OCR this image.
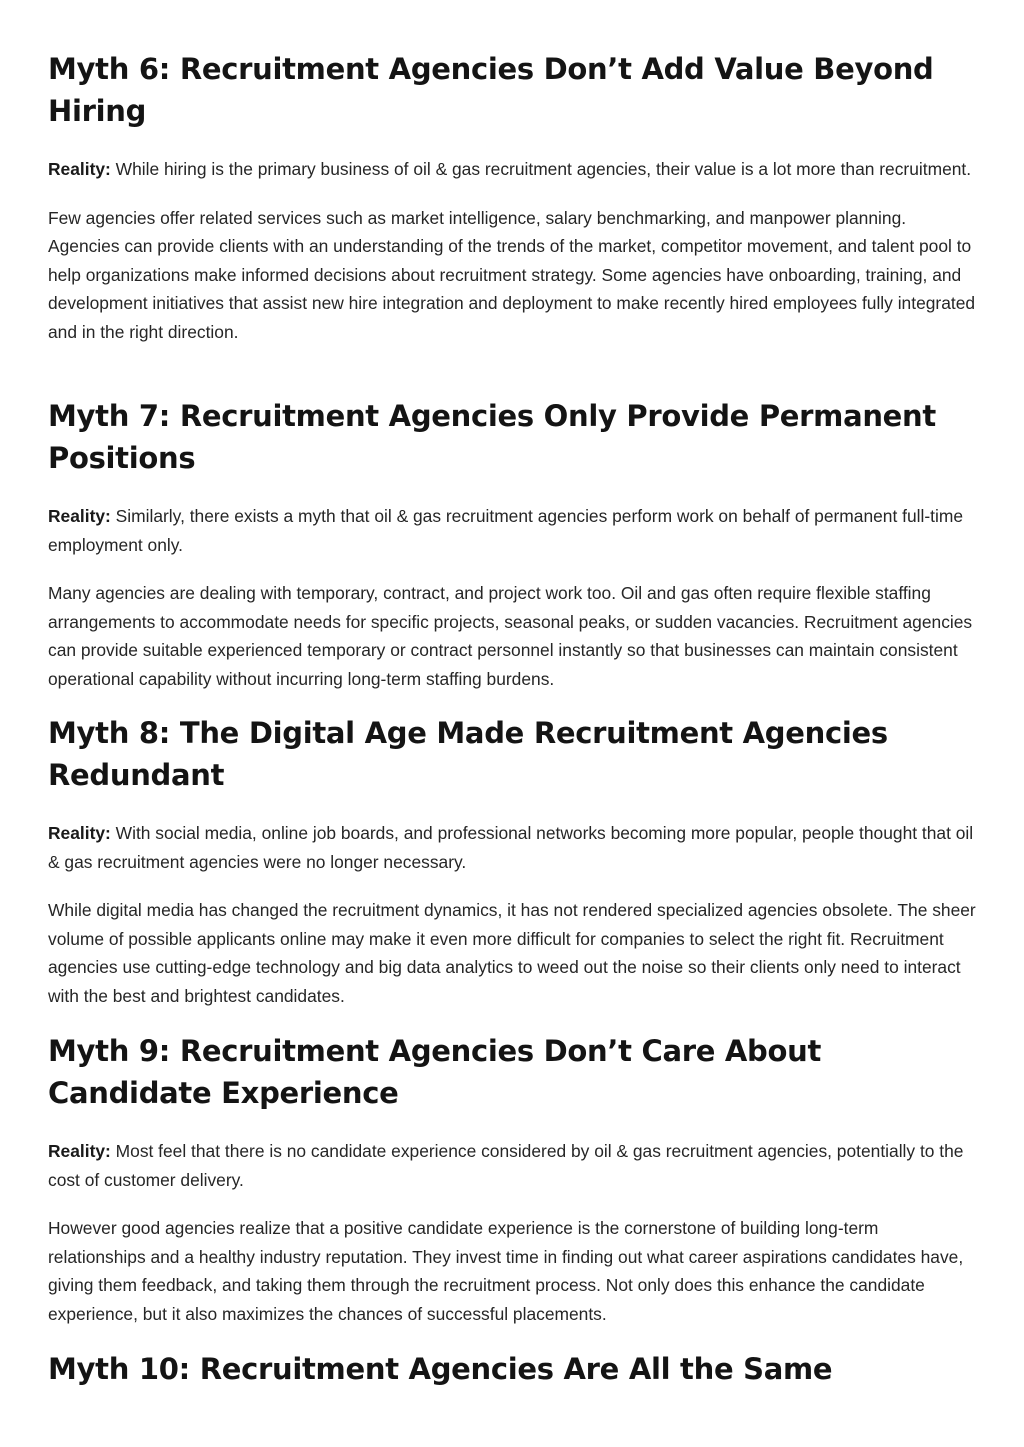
Myth 6: Recruitment Agencies Don’t Add Value Beyond Hiring

Reality: While hiring is the primary business of oil & gas recruitment agencies, their value is a lot more than recruitment.

Few agencies offer related services such as market intelligence, salary benchmarking, and manpower planning. Agencies can provide clients with an understanding of the trends of the market, competitor movement, and talent pool to help organizations make informed decisions about recruitment strategy. Some agencies have onboarding, training, and development initiatives that assist new hire integration and deployment to make recently hired employees fully integrated and in the right direction.

Myth 7: Recruitment Agencies Only Provide Permanent Positions

Reality: Similarly, there exists a myth that oil & gas recruitment agencies perform work on behalf of permanent full-time employment only.

Many agencies are dealing with temporary, contract, and project work too. Oil and gas often require flexible staffing arrangements to accommodate needs for specific projects, seasonal peaks, or sudden vacancies. Recruitment agencies can provide suitable experienced temporary or contract personnel instantly so that businesses can maintain consistent operational capability without incurring long-term staffing burdens.

Myth 8: The Digital Age Made Recruitment Agencies Redundant

Reality: With social media, online job boards, and professional networks becoming more popular, people thought that oil & gas recruitment agencies were no longer necessary.

While digital media has changed the recruitment dynamics, it has not rendered specialized agencies obsolete. The sheer volume of possible applicants online may make it even more difficult for companies to select the right fit. Recruitment agencies use cutting-edge technology and big data analytics to weed out the noise so their clients only need to interact with the best and brightest candidates.

Myth 9: Recruitment Agencies Don’t Care About Candidate Experience

Reality: Most feel that there is no candidate experience considered by oil & gas recruitment agencies, potentially to the cost of customer delivery.

However good agencies realize that a positive candidate experience is the cornerstone of building long-term relationships and a healthy industry reputation. They invest time in finding out what career aspirations candidates have, giving them feedback, and taking them through the recruitment process. Not only does this enhance the candidate experience, but it also maximizes the chances of successful placements.

Myth 10: Recruitment Agencies Are All the Same
